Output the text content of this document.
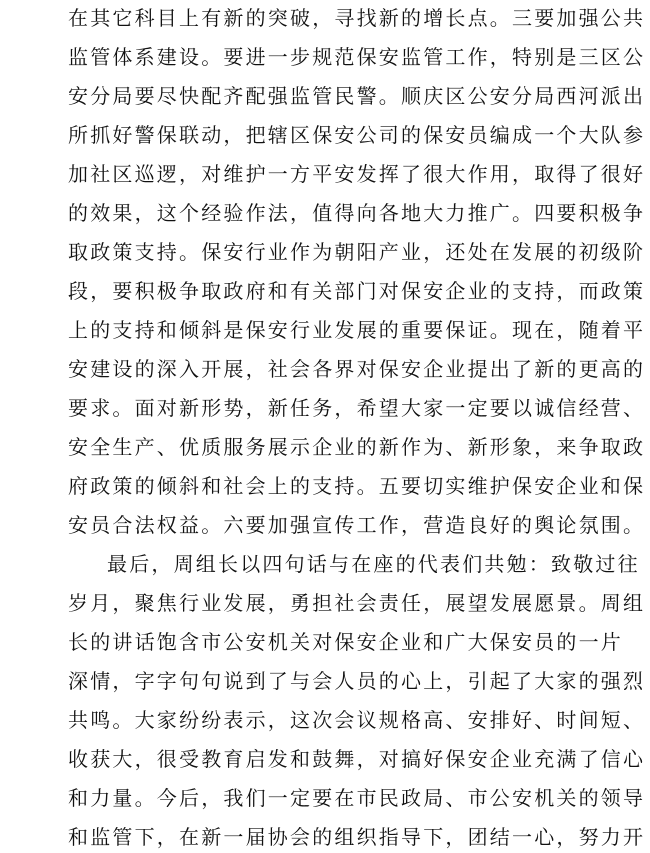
在其它科目上有新的突破，寻找新的增长点。三要加强公共
监管体系建设。要进一步规范保安监管工作，特别是三区公
安分局要尽快配齐配强监管民警。顺庆区公安分局西河派出
所抓好警保联动，把辖区保安公司的保安员编成一个大队参
加社区巡逻，对维护一方平安发挥了很大作用，取得了很好
的效果，这个经验作法，值得向各地大力推广。四要积极争
取政策支持。保安行业作为朝阳产业，还处在发展的初级阶
段，要积极争取政府和有关部门对保安企业的支持，而政策
上的支持和倾斜是保安行业发展的重要保证。现在，随着平
安建设的深入开展，社会各界对保安企业提出了新的更高的
要求。面对新形势，新任务，希望大家一定要以诚信经营、
安全生产、优质服务展示企业的新作为、新形象，来争取政
府政策的倾斜和社会上的支持。五要切实维护保安企业和保
安员合法权益。六要加强宣传工作，营造良好的舆论氛围。
最后，周组长以四句话与在座的代表们共勉：致敬过往
岁月，聚焦行业发展，勇担社会责任，展望发展愿景。周组
长的讲话饱含市公安机关对保安企业和广大保安员的一片
深情，字字句句说到了与会人员的心上，引起了大家的强烈
共鸣。大家纷纷表示，这次会议规格高、安排好、时间短、
收获大，很受教育启发和鼓舞，对搞好保安企业充满了信心
和力量。今后，我们一定要在市民政局、市公安机关的领导
和监管下，在新一届协会的组织指导下，团结一心，努力开
